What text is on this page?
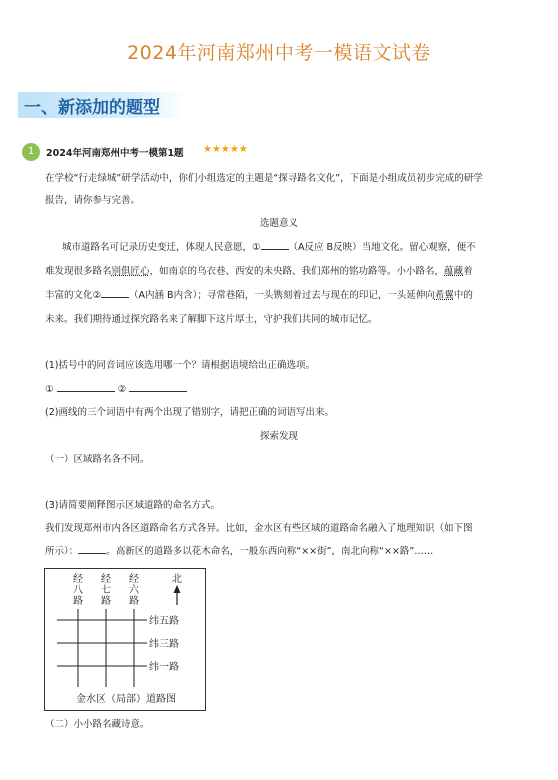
2024年河南郑州中考一模语文试卷
一、新添加的题型
1	2024年河南郑州中考一模第1题 ★★★★★
在学校“行走绿城”研学活动中，你们小组选定的主题是“探寻路名文化”，下面是小组成员初步完成的研学
报告，请你参与完善。
选题意义
城市道路名可记录历史变迁，体现人民意愿，①	（A反应 B反映）当地文化。留心观察，便不
难发现很多路名别俱匠心，如南京的乌衣巷、西安的未央路、我们郑州的铭功路等。小小路名，蕴藏着
丰富的文化②	（A内涵 B内含）；寻常巷陌，一头镌刻着过去与现在的印记，一头延伸向希翼中的
未来。我们期待通过探究路名来了解脚下这片厚土，守护我们共同的城市记忆。
(1)括号中的同音词应该选用哪一个？请根据语境给出正确选项。
①	②
(2)画线的三个词语中有两个出现了错别字，请把正确的词语写出来。
探索发现
（一）区域路名各不同。
(3)请简要阐释图示区域道路的命名方式。
我们发现郑州市内各区道路命名方式各异。比如，金水区有些区域的道路命名融入了地理知识（如下图
所示）：	。高新区的道路多以花木命名，一般东西向称“××街”，南北向称“××路”……
经
八
路
经
七
路
经
六
路
纬五路
纬三路
纬一路
北
金水区（局部）道路图
（二）小小路名藏诗意。
